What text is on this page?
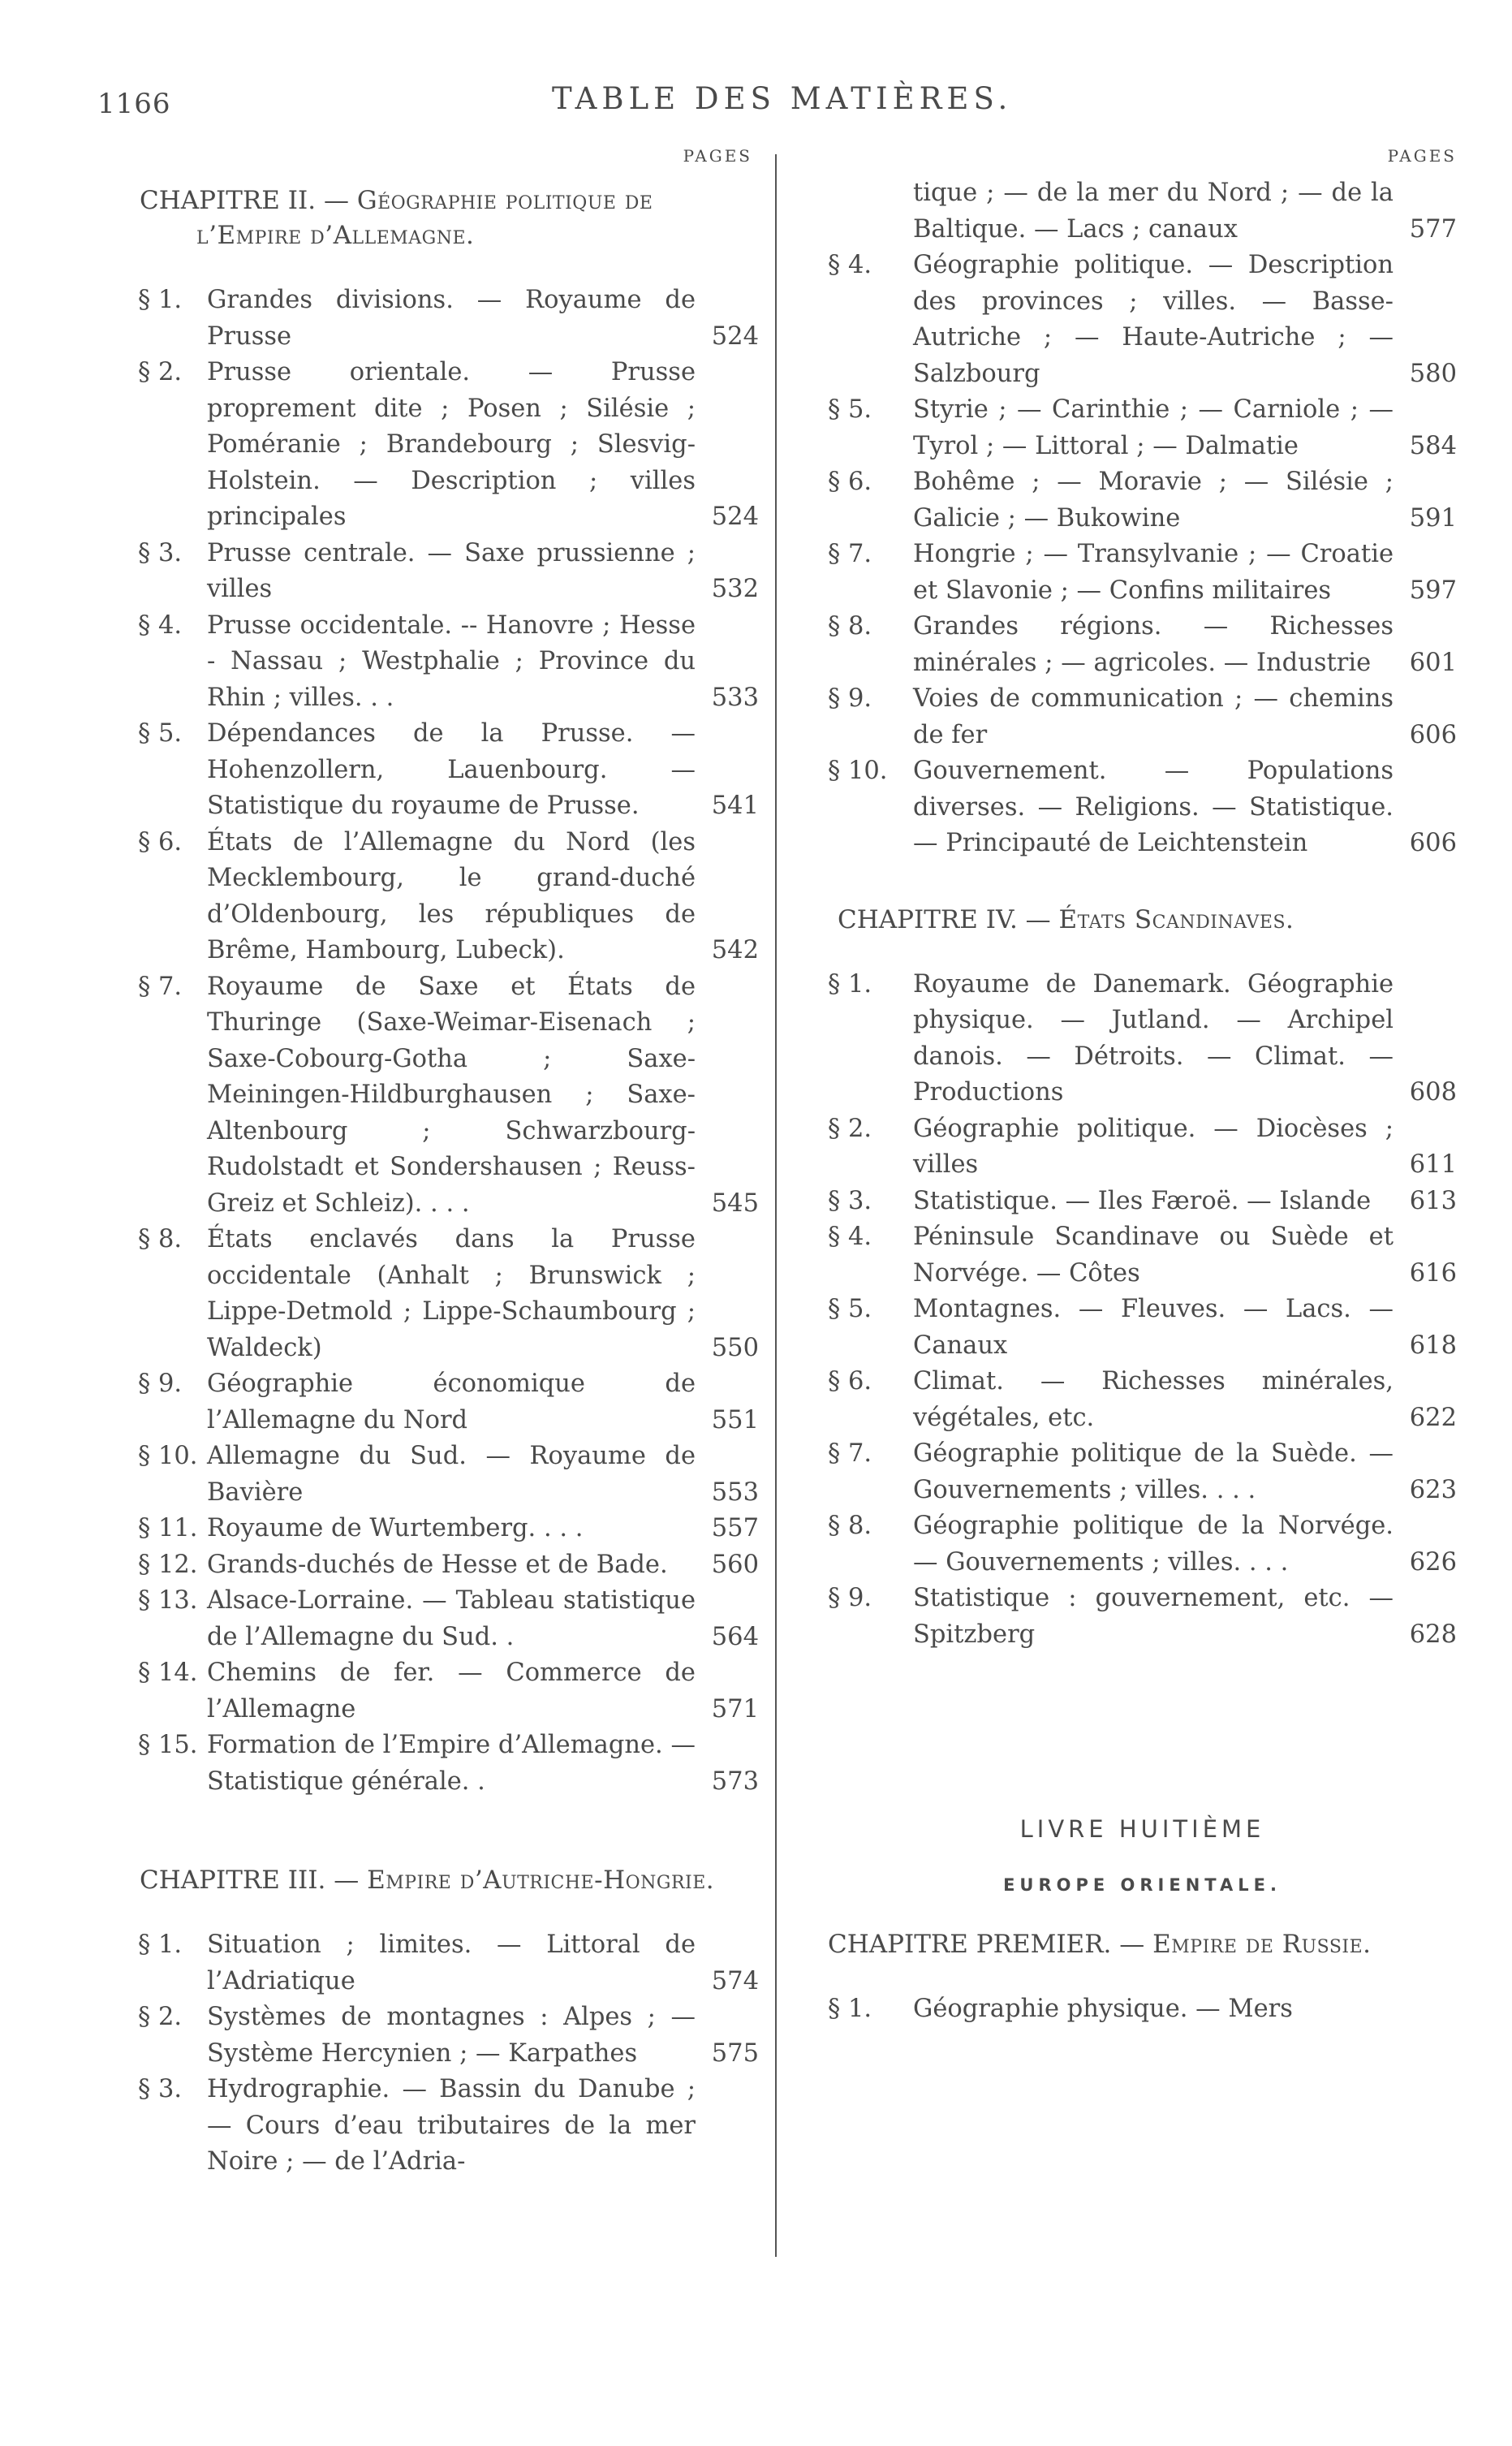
1166	TABLE DES MATIÈRES.
PAGES
CHAPITRE II. — Géographie politique de l’Empire d’Allemagne.
§ 1.	Grandes divisions. — Royaume de Prusse	524
§ 2.	Prusse orientale. — Prusse proprement dite ; Posen ; Silésie ; Poméranie ; Brandebourg ; Slesvig-Holstein. — Description ; villes principales	524
§ 3.	Prusse centrale. — Saxe prussienne ; villes	532
§ 4.	Prusse occidentale. -- Hanovre ; Hesse - Nassau ; Westphalie ; Province du Rhin ; villes. . .	533
§ 5.	Dépendances de la Prusse. — Hohenzollern, Lauenbourg. — Statistique du royaume de Prusse.	541
§ 6.	États de l’Allemagne du Nord (les Mecklembourg, le grand-duché d’Oldenbourg, les républiques de Brême, Hambourg, Lubeck).	542
§ 7.	Royaume de Saxe et États de Thuringe (Saxe-Weimar-Eisenach ; Saxe-Cobourg-Gotha ; Saxe-Meiningen-Hildburghausen ; Saxe-Altenbourg ; Schwarzbourg-Rudolstadt et Sondershausen ; Reuss-Greiz et Schleiz). . . .	545
§ 8.	États enclavés dans la Prusse occidentale (Anhalt ; Brunswick ; Lippe-Detmold ; Lippe-Schaumbourg ; Waldeck)	550
§ 9.	Géographie économique de l’Allemagne du Nord	551
§ 10. Allemagne du Sud. — Royaume de Bavière	553
§ 11. Royaume de Wurtemberg. . . .	557
§ 12. Grands-duchés de Hesse et de Bade.	560
§ 13. Alsace-Lorraine. — Tableau statistique de l’Allemagne du Sud. .	564
§ 14. Chemins de fer. — Commerce de l’Allemagne	571
§ 15. Formation de l’Empire d’Allemagne. — Statistique générale. .	573
CHAPITRE III. — Empire d’Autriche-Hongrie.
§ 1.	Situation ; limites. — Littoral de l’Adriatique	574
§ 2.	Systèmes de montagnes : Alpes ; — Système Hercynien ; — Karpathes	575
§ 3.	Hydrographie. — Bassin du Danube ; — Cours d’eau tributaires de la mer Noire ; — de l’Adria-
PAGES
tique ; — de la mer du Nord ; — de la Baltique. — Lacs ; canaux	577
§ 4.	Géographie politique. — Description des provinces ; villes. — Basse-Autriche ; — Haute-Autriche ; — Salzbourg	580
§ 5.	Styrie ; — Carinthie ; — Carniole ; — Tyrol ; — Littoral ; — Dalmatie	584
§ 6.	Bohême ; — Moravie ; — Silésie ; Galicie ; — Bukowine	591
§ 7.	Hongrie ; — Transylvanie ; — Croatie et Slavonie ; — Confins militaires	597
§ 8.	Grandes régions. — Richesses minérales ; — agricoles. — Industrie	601
§ 9.	Voies de communication ; — chemins de fer	606
§ 10.	Gouvernement. — Populations diverses. — Religions. — Statistique. — Principauté de Leichtenstein	606
CHAPITRE IV. — États Scandinaves.
§ 1.	Royaume de Danemark. Géographie physique. — Jutland. — Archipel danois. — Détroits. — Climat. — Productions	608
§ 2.	Géographie politique. — Diocèses ; villes	611
§ 3.	Statistique. — Iles Færoë. — Islande	613
§ 4.	Péninsule Scandinave ou Suède et Norvége. — Côtes	616
§ 5.	Montagnes. — Fleuves. — Lacs. — Canaux	618
§ 6.	Climat. — Richesses minérales, végétales, etc.	622
§ 7.	Géographie politique de la Suède. — Gouvernements ; villes. . . .	623
§ 8.	Géographie politique de la Norvége. — Gouvernements ; villes. . . .	626
§ 9.	Statistique : gouvernement, etc. — Spitzberg	628
LIVRE HUITIÈME
EUROPE ORIENTALE.
CHAPITRE PREMIER. — Empire de Russie.
§ 1.	Géographie physique. — Mers
